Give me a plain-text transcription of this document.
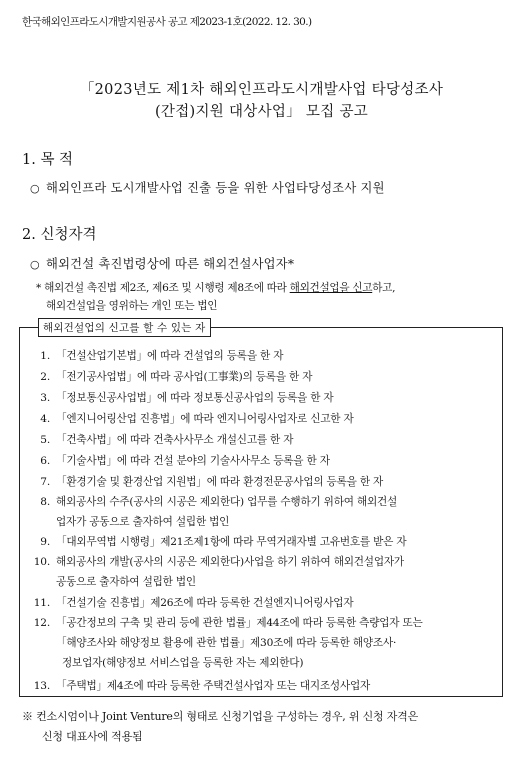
한국해외인프라도시개발지원공사 공고 제2023-1호(2022. 12. 30.)
「2023년도 제1차 해외인프라도시개발사업 타당성조사
(간접)지원 대상사업」 모집 공고
1. 목 적
○ 해외인프라 도시개발사업 진출 등을 위한 사업타당성조사 지원
2. 신청자격
○ 해외건설 촉진법령상에 따른 해외건설사업자*
* 해외건설 촉진법 제2조, 제6조 및 시행령 제8조에 따라 해외건설업을 신고하고,
해외건설업을 영위하는 개인 또는 법인
해외건설업의 신고를 할 수 있는 자
1. 「건설산업기본법」에 따라 건설업의 등록을 한 자
2. 「전기공사업법」에 따라 공사업(工事業)의 등록을 한 자
3. 「정보통신공사업법」에 따라 정보통신공사업의 등록을 한 자
4. 「엔지니어링산업 진흥법」에 따라 엔지니어링사업자로 신고한 자
5. 「건축사법」에 따라 건축사사무소 개설신고를 한 자
6. 「기술사법」에 따라 건설 분야의 기술사사무소 등록을 한 자
7. 「환경기술 및 환경산업 지원법」에 따라 환경전문공사업의 등록을 한 자
8. 해외공사의 수주(공사의 시공은 제외한다) 업무를 수행하기 위하여 해외건설
업자가 공동으로 출자하여 설립한 법인
9. 「대외무역법 시행령」제21조제1항에 따라 무역거래자별 고유번호를 받은 자
10. 해외공사의 개발(공사의 시공은 제외한다)사업을 하기 위하여 해외건설업자가
공동으로 출자하여 설립한 법인
11. 「건설기술 진흥법」제26조에 따라 등록한 건설엔지니어링사업자
12. 「공간정보의 구축 및 관리 등에 관한 법률」제44조에 따라 등록한 측량업자 또는
「해양조사와 해양정보 활용에 관한 법률」제30조에 따라 등록한 해양조사·
정보업자(해양정보 서비스업을 등록한 자는 제외한다)
13. 「주택법」제4조에 따라 등록한 주택건설사업자 또는 대지조성사업자
※ 컨소시엄이나 Joint Venture의 형태로 신청기업을 구성하는 경우, 위 신청 자격은
신청 대표사에 적용됨
